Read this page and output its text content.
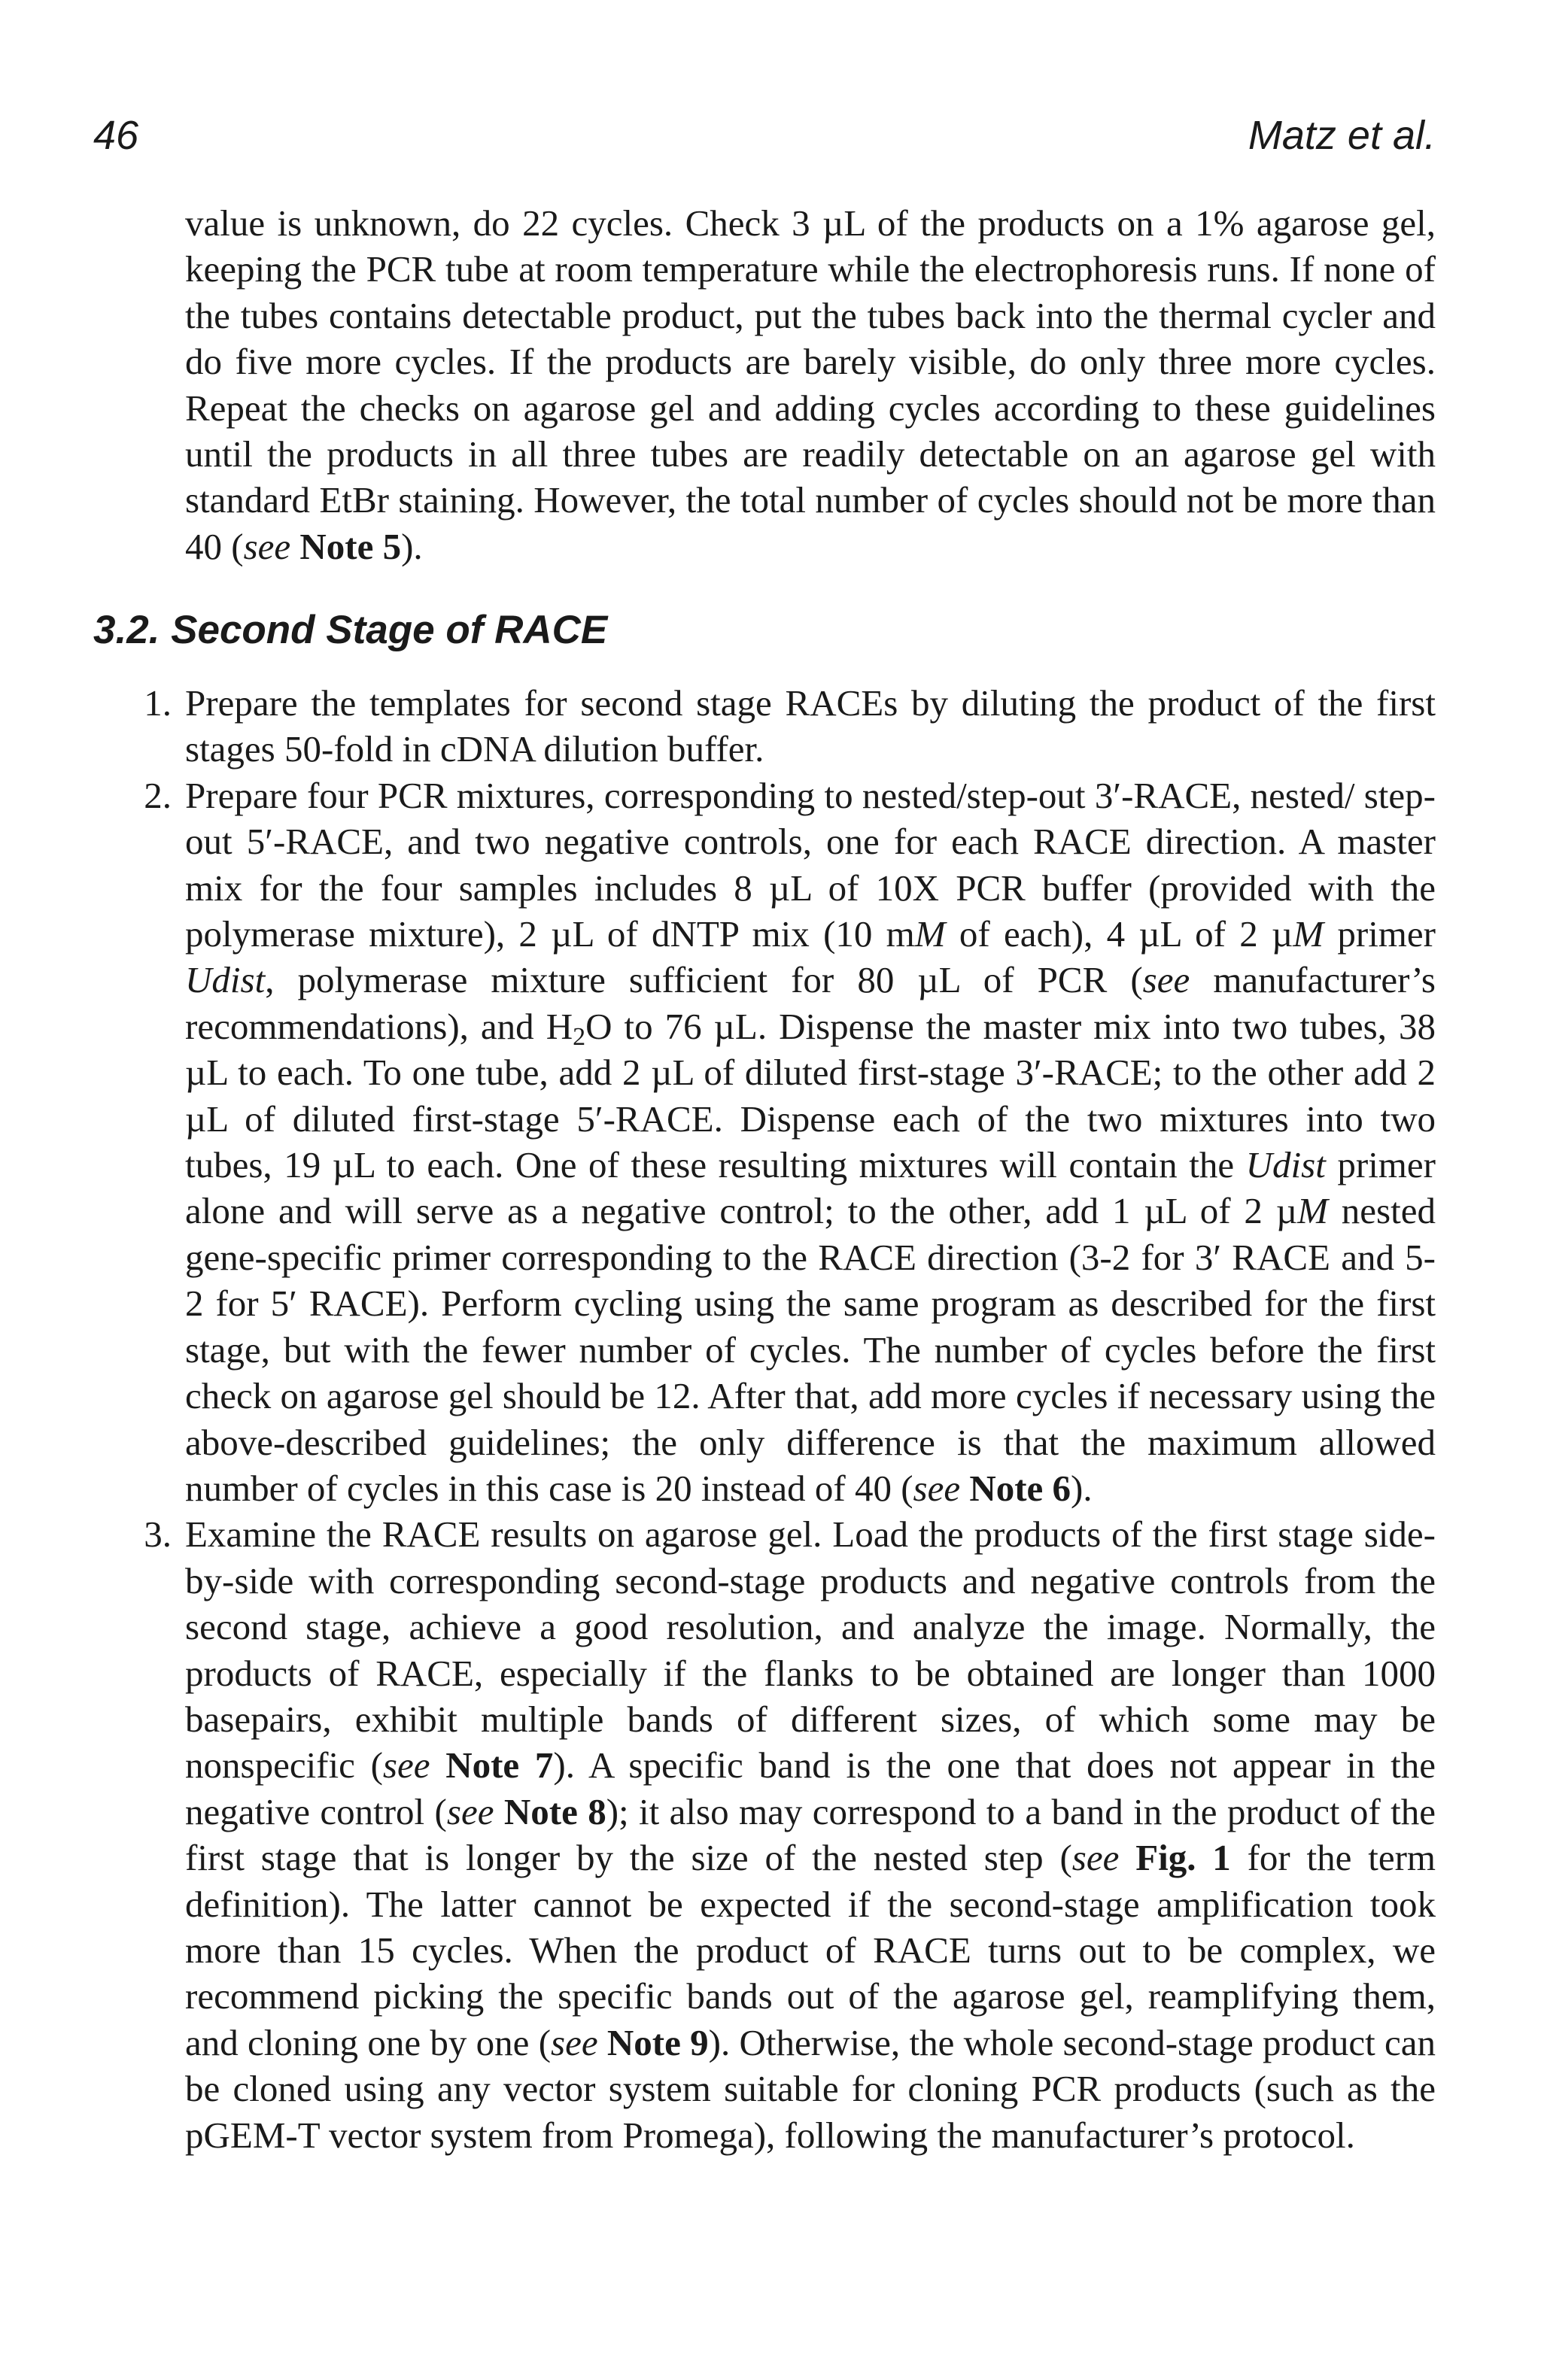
46	Matz et al.

value is unknown, do 22 cycles. Check 3 µL of the products on a 1% agarose gel, keeping the PCR tube at room temperature while the electrophoresis runs. If none of the tubes contains detectable product, put the tubes back into the thermal cycler and do five more cycles. If the products are barely visible, do only three more cycles. Repeat the checks on agarose gel and adding cycles according to these guidelines until the products in all three tubes are readily detectable on an agarose gel with standard EtBr staining. However, the total number of cycles should not be more than 40 (see Note 5).

3.2. Second Stage of RACE
1. Prepare the templates for second stage RACEs by diluting the product of the first stages 50-fold in cDNA dilution buffer.

2. Prepare four PCR mixtures, corresponding to nested/step-out 3′-RACE, nested/ step-out 5′-RACE, and two negative controls, one for each RACE direction. A master mix for the four samples includes 8 µL of 10X PCR buffer (provided with the polymerase mixture), 2 µL of dNTP mix (10 mM of each), 4 µL of 2 µM primer Udist, polymerase mixture sufficient for 80 µL of PCR (see manufacturer’s recommendations), and $H_2O$ to 76 µL. Dispense the master mix into two tubes, 38 µL to each. To one tube, add 2 µL of diluted first-stage 3′-RACE; to the other add 2 µL of diluted first-stage 5′-RACE. Dispense each of the two mixtures into two tubes, 19 µL to each. One of these resulting mixtures will contain the Udist primer alone and will serve as a negative control; to the other, add 1 µL of 2 µM nested gene-specific primer corresponding to the RACE direction (3-2 for 3′ RACE and 5-2 for 5′ RACE). Perform cycling using the same program as described for the first stage, but with the fewer number of cycles. The number of cycles before the first check on agarose gel should be 12. After that, add more cycles if necessary using the above-described guidelines; the only difference is that the maximum allowed number of cycles in this case is 20 instead of 40 (see Note 6).

3. Examine the RACE results on agarose gel. Load the products of the first stage side-by-side with corresponding second-stage products and negative controls from the second stage, achieve a good resolution, and analyze the image. Normally, the products of RACE, especially if the flanks to be obtained are longer than 1000 basepairs, exhibit multiple bands of different sizes, of which some may be nonspecific (see Note 7). A specific band is the one that does not appear in the negative control (see Note 8); it also may correspond to a band in the product of the first stage that is longer by the size of the nested step (see Fig. 1 for the term definition). The latter cannot be expected if the second-stage amplification took more than 15 cycles. When the product of RACE turns out to be complex, we recommend picking the specific bands out of the agarose gel, reamplifying them, and cloning one by one (see Note 9). Otherwise, the whole second-stage product can be cloned using any vector system suitable for cloning PCR products (such as the pGEM-T vector system from Promega), following the manufacturer’s protocol.
